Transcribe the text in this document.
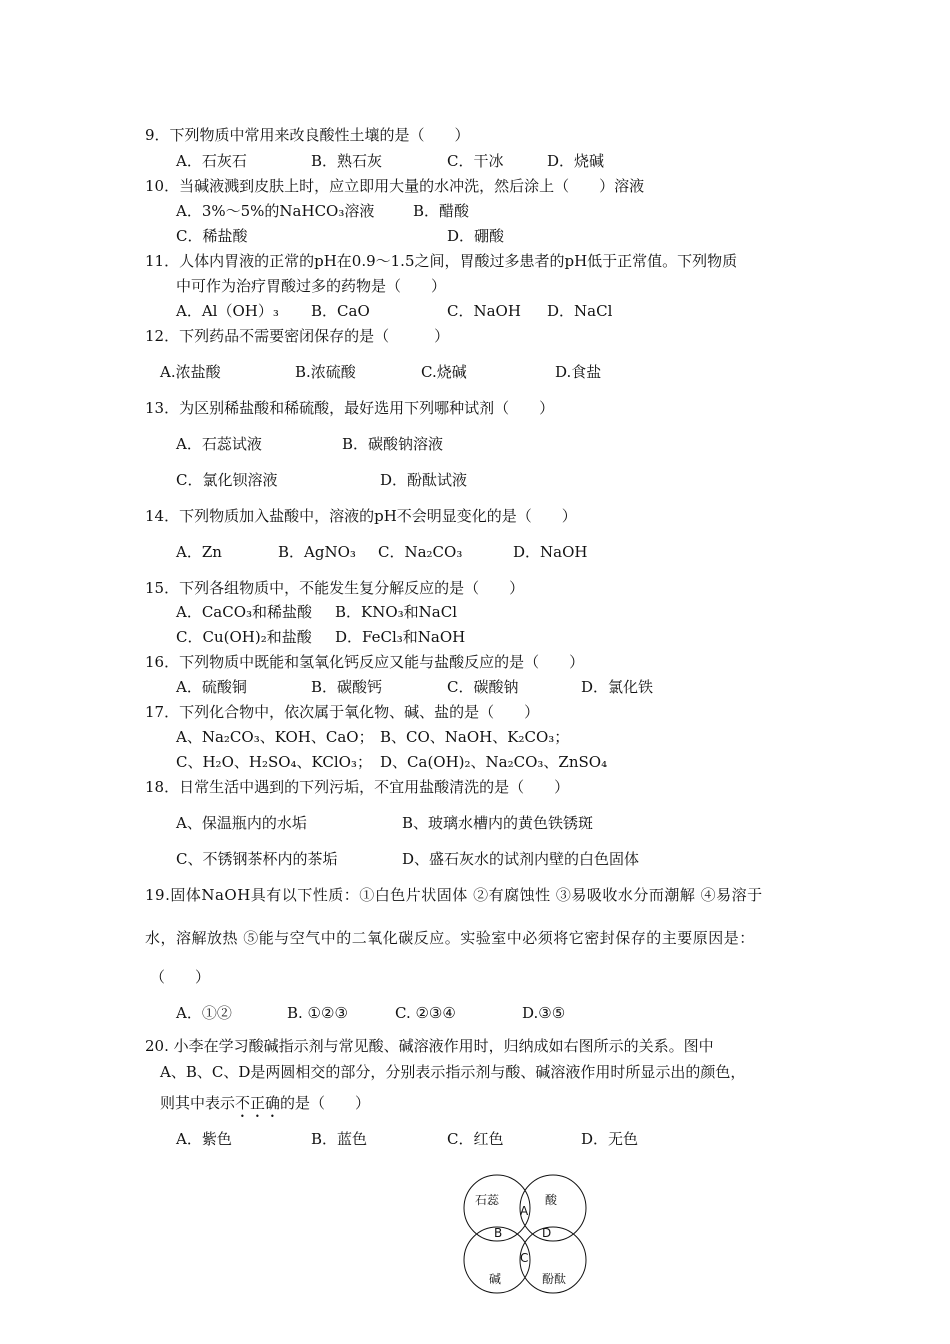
9．下列物质中常用来改良酸性土壤的是（　　）
A．石灰石	B．熟石灰	C．干冰	D．烧碱
10．当碱液溅到皮肤上时，应立即用大量的水冲洗，然后涂上（　　）溶液
A．3%～5%的NaHCO₃溶液	B．醋酸
C．稀盐酸	D．硼酸
11．人体内胃液的正常的pH在0.9～1.5之间，胃酸过多患者的pH低于正常值。下列物质
中可作为治疗胃酸过多的药物是（　　）
A．Al（OH）₃ B．CaO	C．NaOH D．NaCl
12．下列药品不需要密闭保存的是（　　　）
A.浓盐酸	B.浓硫酸	C.烧碱	D.食盐
13．为区别稀盐酸和稀硫酸，最好选用下列哪种试剂（　　）
A．石蕊试液	B．碳酸钠溶液
C．氯化钡溶液	D．酚酞试液
14．下列物质加入盐酸中，溶液的pH不会明显变化的是（　　）
A．Zn	B．AgNO₃ C．Na₂CO₃	D．NaOH
15．下列各组物质中，不能发生复分解反应的是（　　）
A．CaCO₃和稀盐酸 B．KNO₃和NaCl
C．Cu(OH)₂和盐酸 D．FeCl₃和NaOH
16．下列物质中既能和氢氧化钙反应又能与盐酸反应的是（　　）
A．硫酸铜	B．碳酸钙	C．碳酸钠	D．氯化铁
17．下列化合物中，依次属于氧化物、碱、盐的是（　　）
A、Na₂CO₃、KOH、CaO； B、CO、NaOH、K₂CO₃；
C、H₂O、H₂SO₄、KClO₃； D、Ca(OH)₂、Na₂CO₃、ZnSO₄
18．日常生活中遇到的下列污垢，不宜用盐酸清洗的是（　　）
A、保温瓶内的水垢	B、玻璃水槽内的黄色铁锈斑
C、不锈钢茶杯内的茶垢	D、盛石灰水的试剂内壁的白色固体
19.固体NaOH具有以下性质：①白色片状固体 ②有腐蚀性 ③易吸收水分而潮解 ④易溶于
水，溶解放热 ⑤能与空气中的二氧化碳反应。实验室中必须将它密封保存的主要原因是：
（　　）
A．①②	B. ①②③	C. ②③④	D.③⑤
20. 小李在学习酸碱指示剂与常见酸、碱溶液作用时，归纳成如右图所示的关系。图中
A、B、C、D是两圆相交的部分，分别表示指示剂与酸、碱溶液作用时所显示出的颜色，
则其中表示不正确的是（　　）
A．紫色	B．蓝色	C．红色	D．无色
石蕊	酸
碱	酚酞
A
B
C
D
